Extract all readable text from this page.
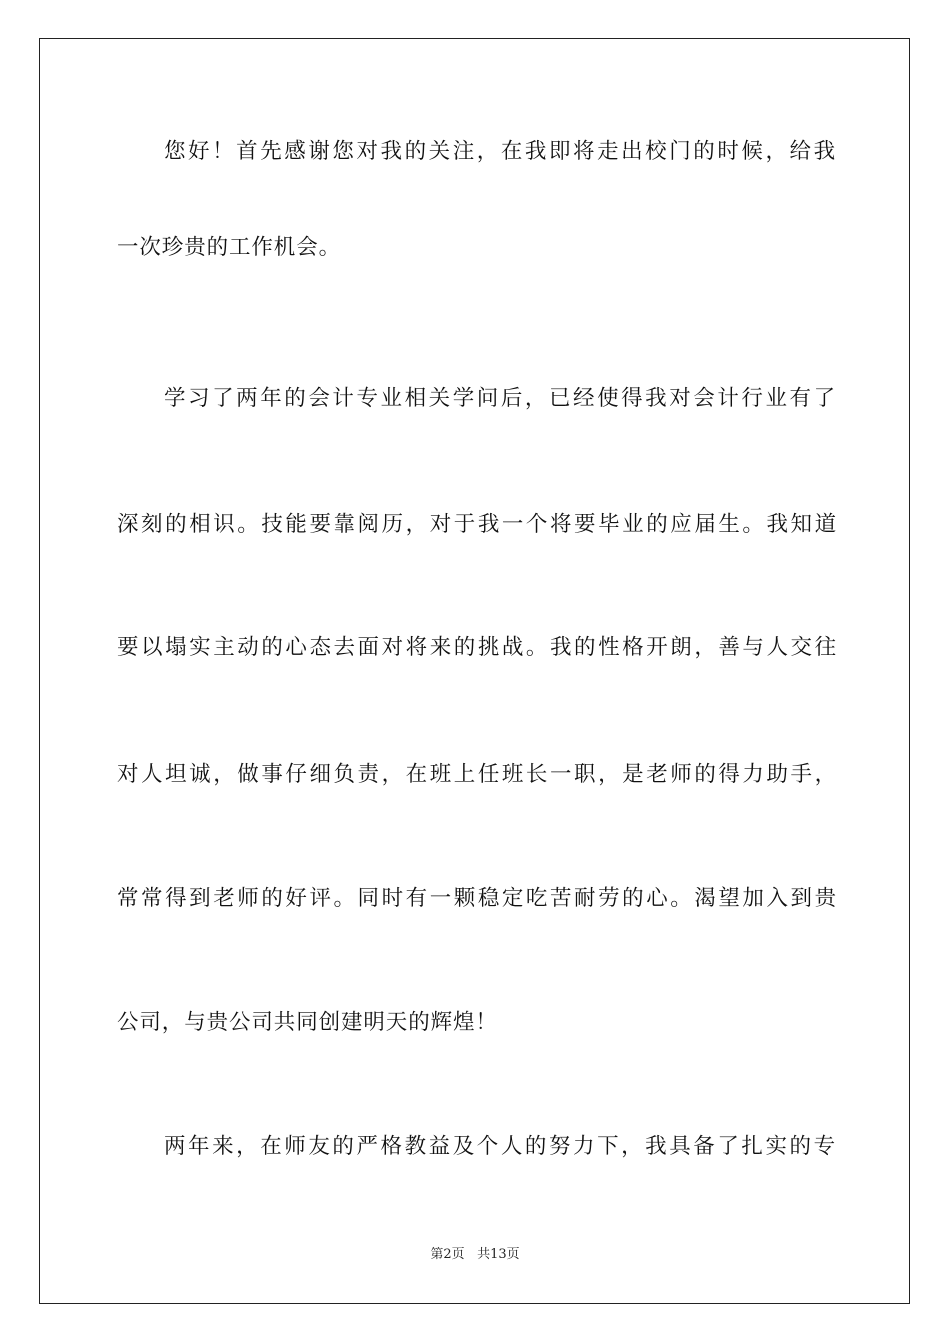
您好！首先感谢您对我的关注，在我即将走出校门的时候，给我
一次珍贵的工作机会。
学习了两年的会计专业相关学问后，已经使得我对会计行业有了
深刻的相识。技能要靠阅历，对于我一个将要毕业的应届生。我知道
要以塌实主动的心态去面对将来的挑战。我的性格开朗，善与人交往
对人坦诚，做事仔细负责，在班上任班长一职，是老师的得力助手，
常常得到老师的好评。同时有一颗稳定吃苦耐劳的心。渴望加入到贵
公司，与贵公司共同创建明天的辉煌！
两年来，在师友的严格教益及个人的努力下，我具备了扎实的专
第2页 共13页
